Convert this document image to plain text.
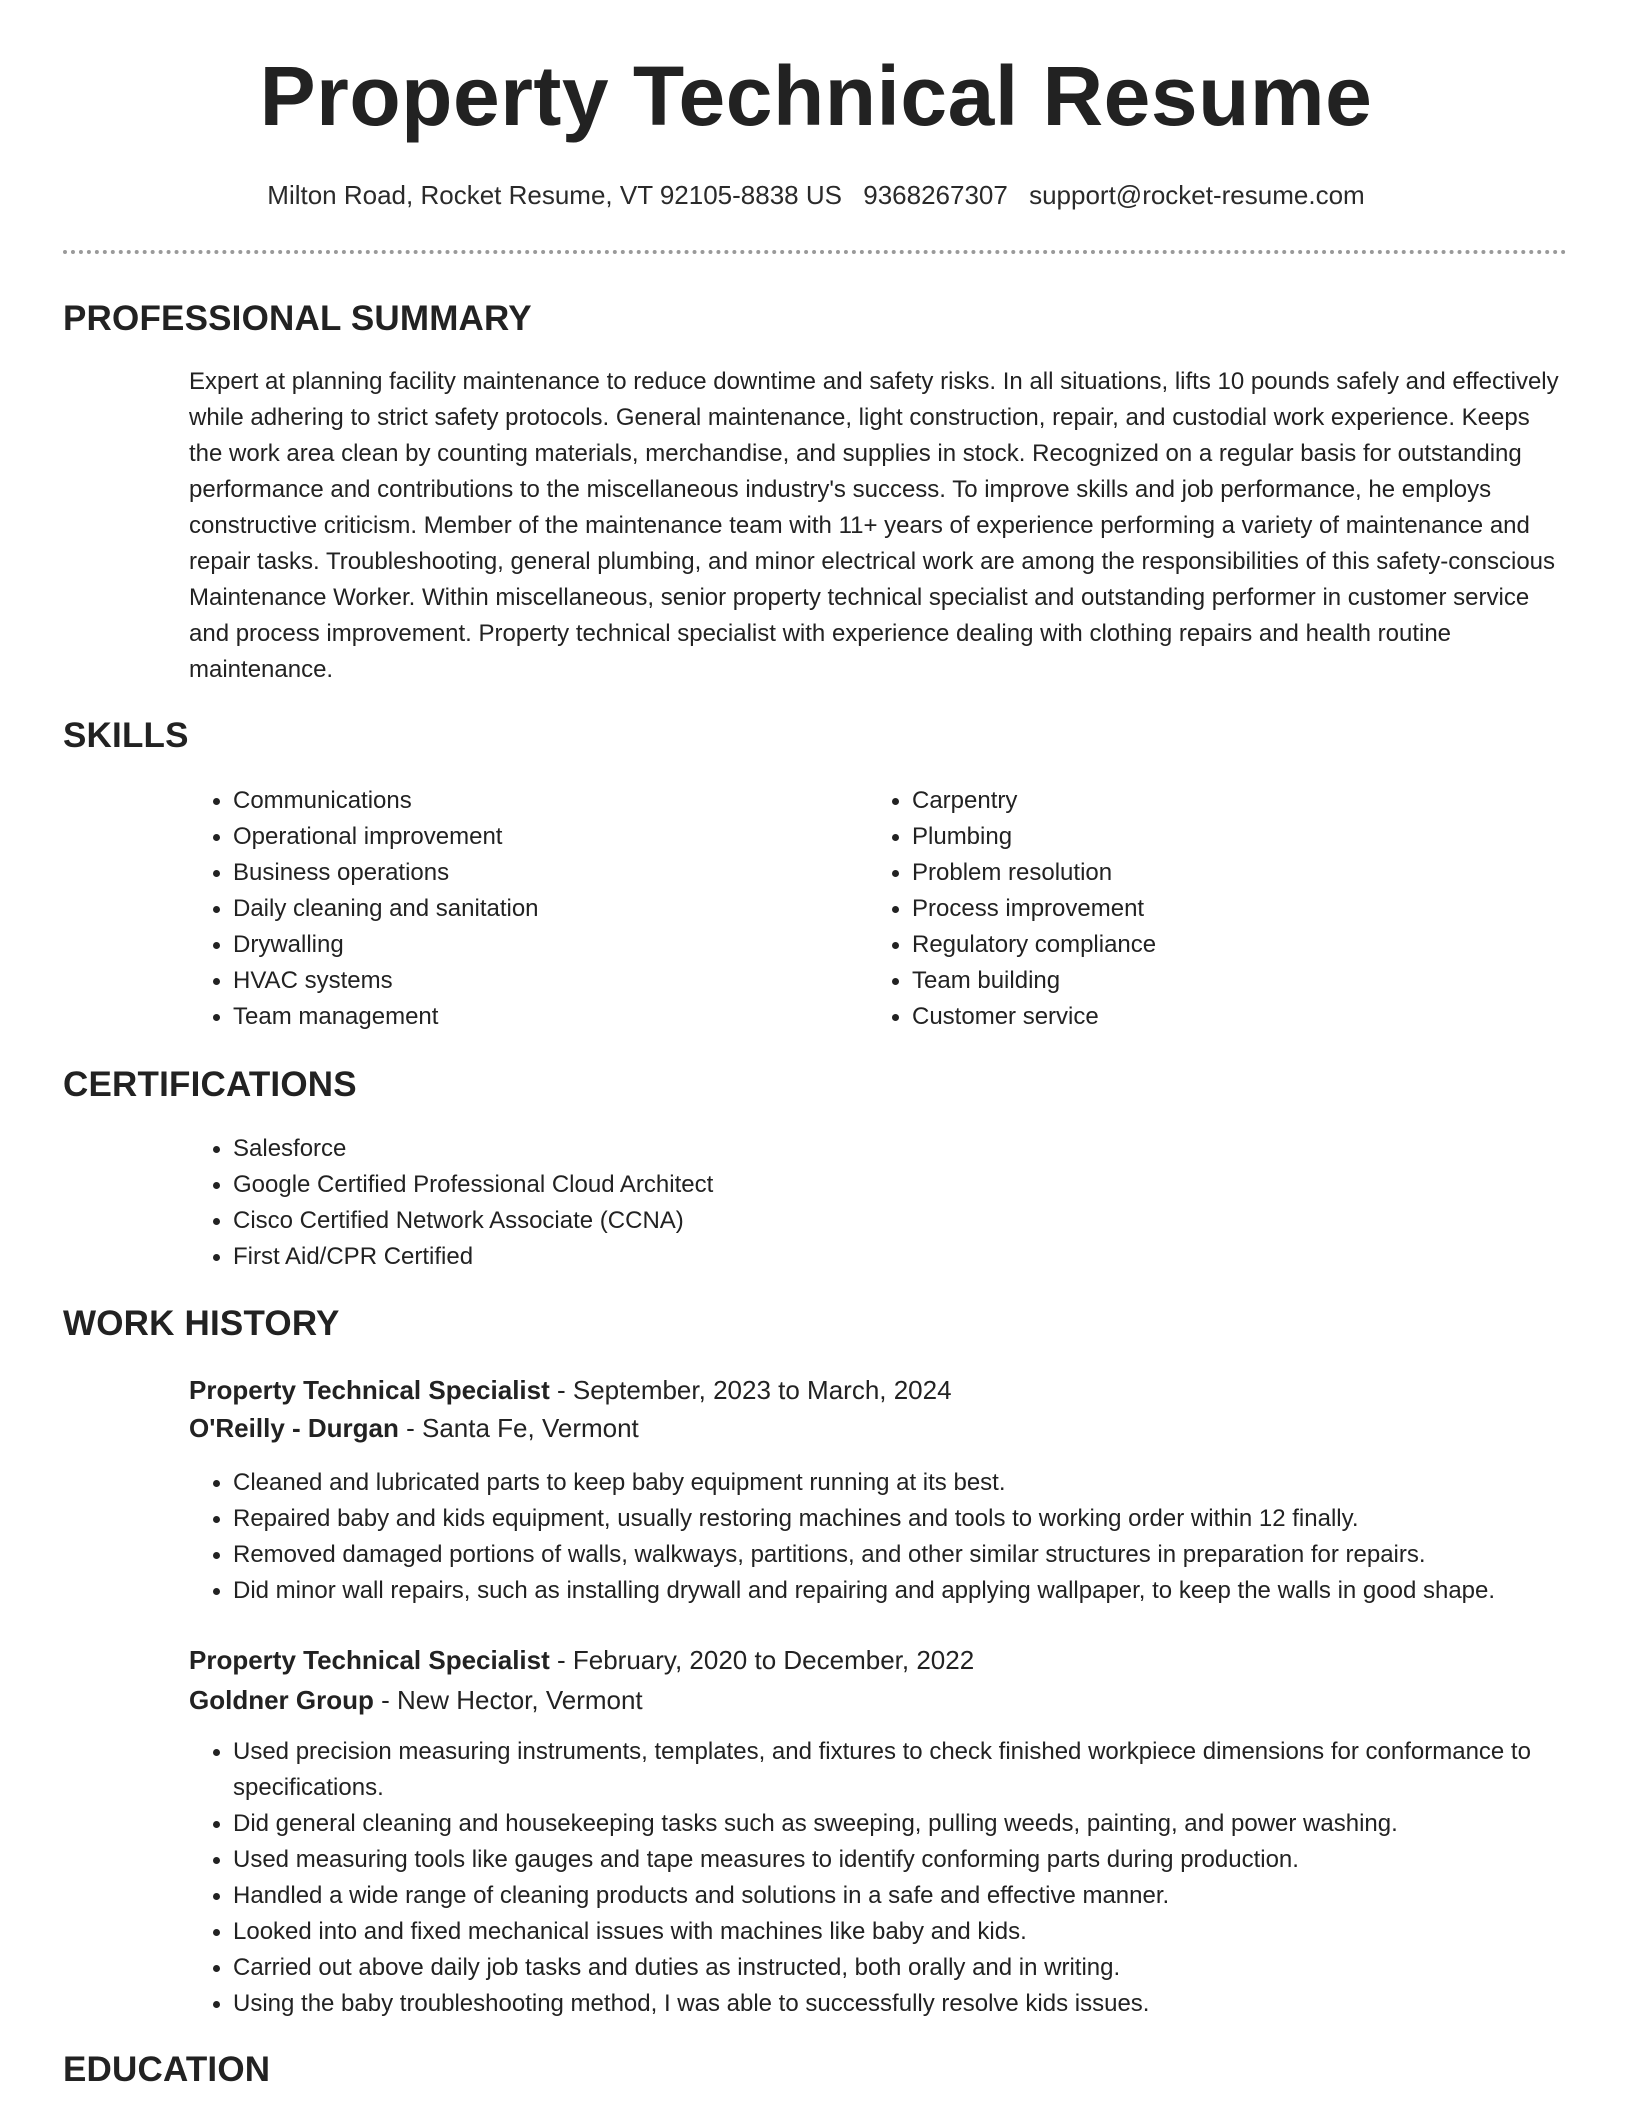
Property Technical Resume
Milton Road, Rocket Resume, VT 92105-8838 US 9368267307 support@rocket-resume.com
PROFESSIONAL SUMMARY

Expert at planning facility maintenance to reduce downtime and safety risks. In all situations, lifts 10 pounds safely and effectively while adhering to strict safety protocols. General maintenance, light construction, repair, and custodial work experience. Keeps the work area clean by counting materials, merchandise, and supplies in stock. Recognized on a regular basis for outstanding performance and contributions to the miscellaneous industry's success. To improve skills and job performance, he employs constructive criticism. Member of the maintenance team with 11+ years of experience performing a variety of maintenance and repair tasks. Troubleshooting, general plumbing, and minor electrical work are among the responsibilities of this safety-conscious Maintenance Worker. Within miscellaneous, senior property technical specialist and outstanding performer in customer service and process improvement. Property technical specialist with experience dealing with clothing repairs and health routine maintenance.

SKILLS
• Communications
• Operational improvement
• Business operations
• Daily cleaning and sanitation
• Drywalling
• HVAC systems
• Team management
• Carpentry
• Plumbing
• Problem resolution
• Process improvement
• Regulatory compliance
• Team building
• Customer service
CERTIFICATIONS
• Salesforce
• Google Certified Professional Cloud Architect
• Cisco Certified Network Associate (CCNA)
• First Aid/CPR Certified
WORK HISTORY
Property Technical Specialist - September, 2023 to March, 2024
O'Reilly - Durgan - Santa Fe, Vermont
• Cleaned and lubricated parts to keep baby equipment running at its best.
• Repaired baby and kids equipment, usually restoring machines and tools to working order within 12 finally.
• Removed damaged portions of walls, walkways, partitions, and other similar structures in preparation for repairs.
• Did minor wall repairs, such as installing drywall and repairing and applying wallpaper, to keep the walls in good shape.
Property Technical Specialist - February, 2020 to December, 2022
Goldner Group - New Hector, Vermont
• Used precision measuring instruments, templates, and fixtures to check finished workpiece dimensions for conformance to specifications.
• Did general cleaning and housekeeping tasks such as sweeping, pulling weeds, painting, and power washing.
• Used measuring tools like gauges and tape measures to identify conforming parts during production.
• Handled a wide range of cleaning products and solutions in a safe and effective manner.
• Looked into and fixed mechanical issues with machines like baby and kids.
• Carried out above daily job tasks and duties as instructed, both orally and in writing.
• Using the baby troubleshooting method, I was able to successfully resolve kids issues.
EDUCATION
